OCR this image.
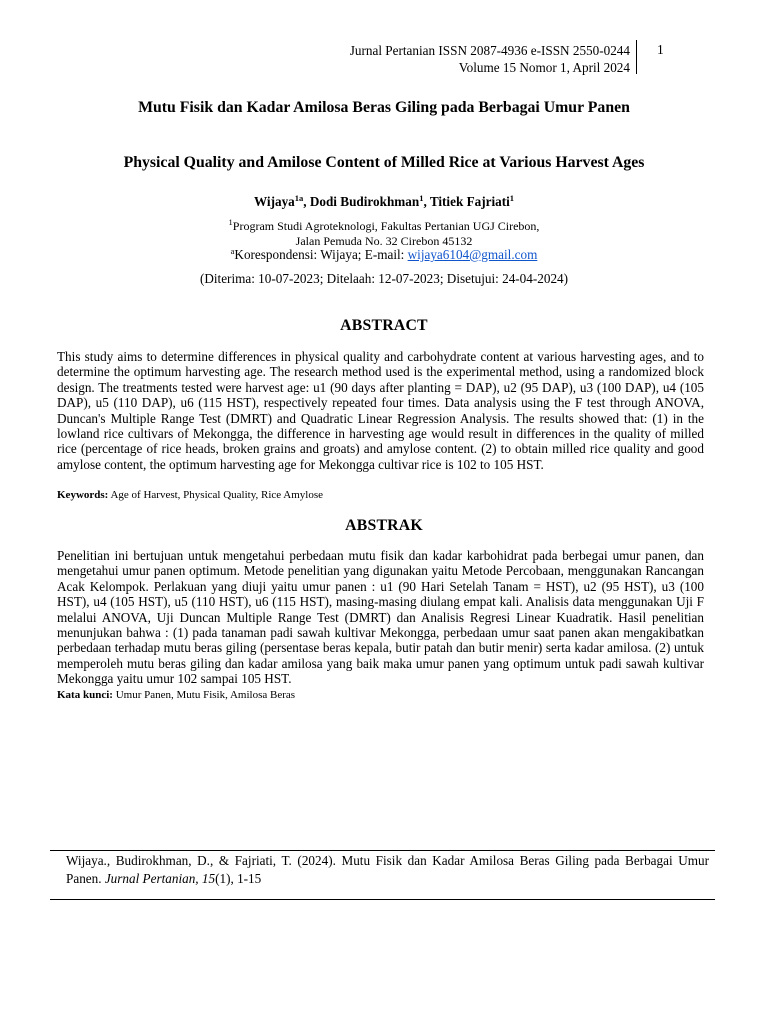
Jurnal Pertanian ISSN 2087-4936 e-ISSN 2550-0244
Volume 15 Nomor 1, April 2024
1
Mutu Fisik dan Kadar Amilosa Beras Giling pada Berbagai Umur Panen
Physical Quality and Amilose Content of Milled Rice at Various Harvest Ages
Wijaya$^{1a}$, Dodi Budirokhman$^1$, Titiek Fajriati$^1$
$^1$Program Studi Agroteknologi, Fakultas Pertanian UGJ Cirebon,
Jalan Pemuda No. 32 Cirebon 45132
$^a$Korespondensi: Wijaya; E-mail: wijaya6104@gmail.com
(Diterima: 10-07-2023; Ditelaah: 12-07-2023; Disetujui: 24-04-2024)
ABSTRACT

This study aims to determine differences in physical quality and carbohydrate content at various harvesting ages, and to determine the optimum harvesting age. The research method used is the experimental method, using a randomized block design. The treatments tested were harvest age: u1 (90 days after planting = DAP), u2 (95 DAP), u3 (100 DAP), u4 (105 DAP), u5 (110 DAP), u6 (115 HST), respectively repeated four times. Data analysis using the F test through ANOVA, Duncan's Multiple Range Test (DMRT) and Quadratic Linear Regression Analysis. The results showed that: (1) in the lowland rice cultivars of Mekongga, the difference in harvesting age would result in differences in the quality of milled rice (percentage of rice heads, broken grains and groats) and amylose content. (2) to obtain milled rice quality and good amylose content, the optimum harvesting age for Mekongga cultivar rice is 102 to 105 HST.

Keywords: Age of Harvest, Physical Quality, Rice Amylose
ABSTRAK

Penelitian ini bertujuan untuk mengetahui perbedaan mutu fisik dan kadar karbohidrat pada berbegai umur panen, dan mengetahui umur panen optimum. Metode penelitian yang digunakan yaitu Metode Percobaan, menggunakan Rancangan Acak Kelompok. Perlakuan yang diuji yaitu umur panen : u1 (90 Hari Setelah Tanam = HST), u2 (95 HST), u3 (100 HST), u4 (105 HST), u5 (110 HST), u6 (115 HST), masing-masing diulang empat kali. Analisis data menggunakan Uji F melalui ANOVA, Uji Duncan Multiple Range Test (DMRT) dan Analisis Regresi Linear Kuadratik. Hasil penelitian menunjukan bahwa : (1) pada tanaman padi sawah kultivar Mekongga, perbedaan umur saat panen akan mengakibatkan perbedaan terhadap mutu beras giling (persentase beras kepala, butir patah dan butir menir) serta kadar amilosa. (2) untuk memperoleh mutu beras giling dan kadar amilosa yang baik maka umur panen yang optimum untuk padi sawah kultivar Mekongga yaitu umur 102 sampai 105 HST.

Kata kunci: Umur Panen, Mutu Fisik, Amilosa Beras
Wijaya., Budirokhman, D., & Fajriati, T. (2024). Mutu Fisik dan Kadar Amilosa Beras Giling pada Berbagai Umur Panen. Jurnal Pertanian, 15(1), 1-15
